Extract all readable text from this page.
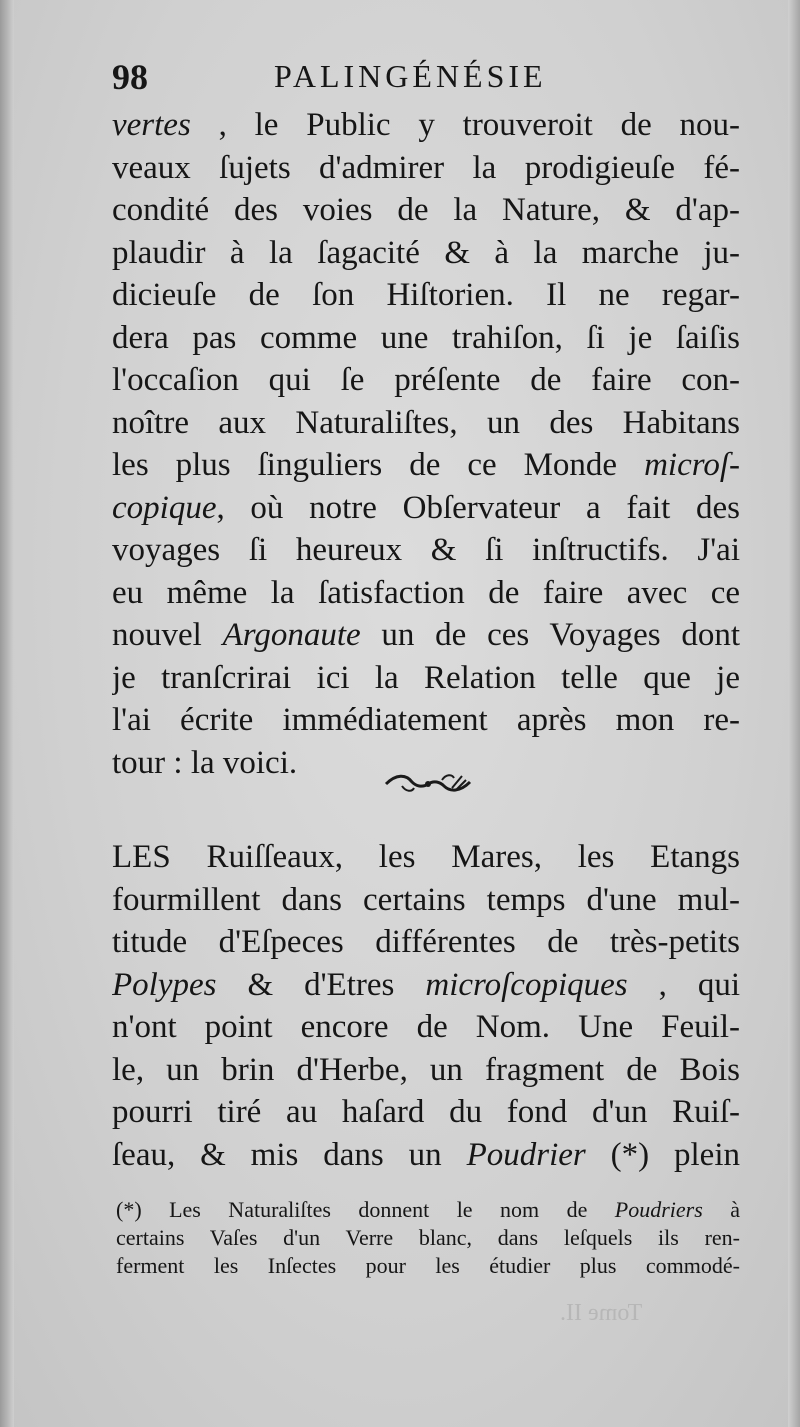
98	PALINGÉNÉSIE
vertes , le Public y trouveroit de nou-
veaux ſujets d'admirer la prodigieuſe fé-
condité des voies de la Nature, & d'ap-
plaudir à la ſagacité & à la marche ju-
dicieuſe de ſon Hiſtorien. Il ne regar-
dera pas comme une trahiſon, ſi je ſaiſis
l'occaſion qui ſe préſente de faire con-
noître aux Naturaliſtes, un des Habitans
les plus ſinguliers de ce Monde microſ-
copique, où notre Obſervateur a fait des
voyages ſi heureux & ſi inſtructifs. J'ai
eu même la ſatisfaction de faire avec ce
nouvel Argonaute un de ces Voyages dont
je tranſcrirai ici la Relation telle que je
l'ai écrite immédiatement après mon re-
tour : la voici.
LES Ruiſſeaux, les Mares, les Etangs
fourmillent dans certains temps d'une mul-
titude d'Eſpeces différentes de très-petits
Polypes & d'Etres microſcopiques , qui
n'ont point encore de Nom. Une Feuil-
le, un brin d'Herbe, un fragment de Bois
pourri tiré au haſard du fond d'un Ruiſ-
ſeau, & mis dans un Poudrier (*) plein
(*) Les Naturaliſtes donnent le nom de Poudriers à
certains Vaſes d'un Verre blanc, dans leſquels ils ren-
ferment les Inſectes pour les étudier plus commodé-
Tome II.
